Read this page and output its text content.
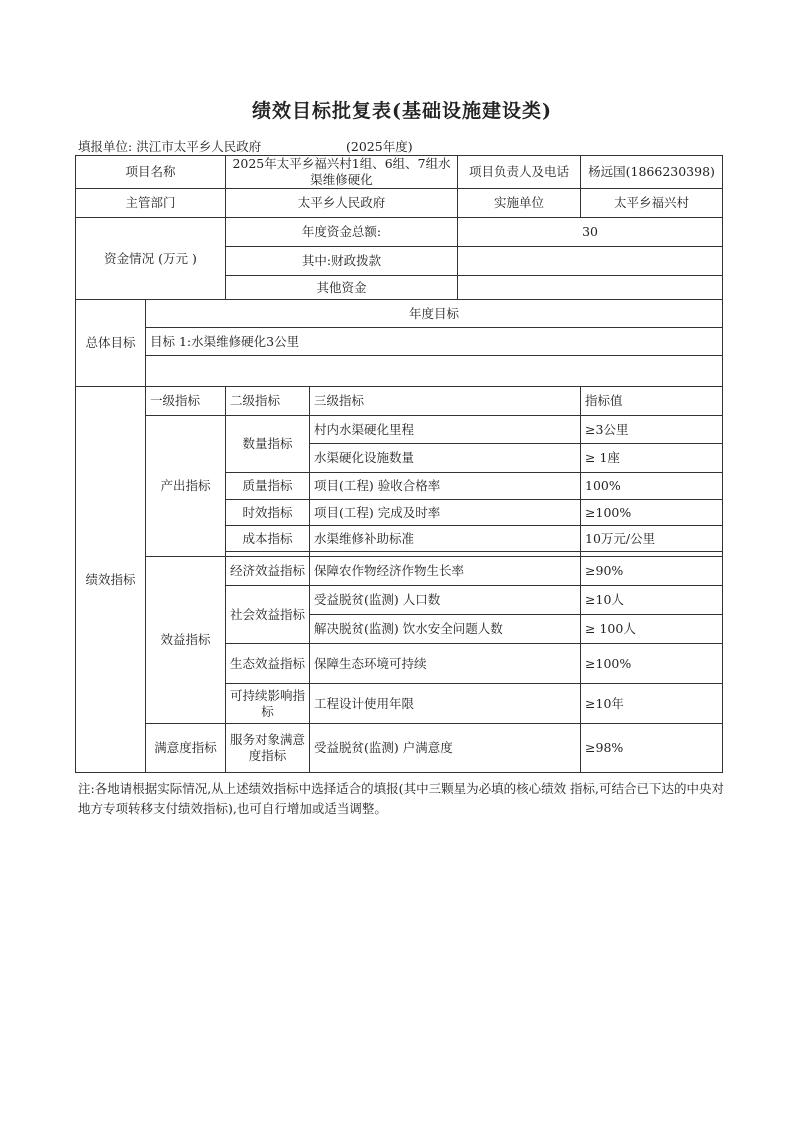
绩效目标批复表(基础设施建设类)
填报单位: 洪江市太平乡人民政府	(2025年度)
项目名称		2025年太平乡福兴村1组、6组、7组水渠维修硬化		项目负责人及电话	杨远国(1866230398)
主管部门		太平乡人民政府		实施单位	太平乡福兴村
资金情况 (万元 )		年度资金总额:		30	
		其中:财政拨款			
		其他资金			
总体目标	年度目标				
	目标 1:水渠维修硬化3公里				

绩效指标	一级指标	二级指标	三级指标		指标值
	产出指标	数量指标	村内水渠硬化里程		≥3公里
			水渠硬化设施数量		≥ 1座
		质量指标	项目(工程) 验收合格率		100%
		时效指标	项目(工程) 完成及时率		≥100%
		成本指标	水渠维修补助标准		10万元/公里

	效益指标	经济效益指标	保障农作物经济作物生长率		≥90%
		社会效益指标	受益脱贫(监测) 人口数		≥10人
			解决脱贫(监测) 饮水安全问题人数		≥ 100人
		生态效益指标	保障生态环境可持续		≥100%
		可持续影响指标	工程设计使用年限		≥10年
	满意度指标	服务对象满意度指标	受益脱贫(监测) 户满意度		≥98%
注:各地请根据实际情况,从上述绩效指标中选择适合的填报(其中三颗星为必填的核心绩效 指标,可结合已下达的中央对地方专项转移支付绩效指标),也可自行增加或适当调整。
